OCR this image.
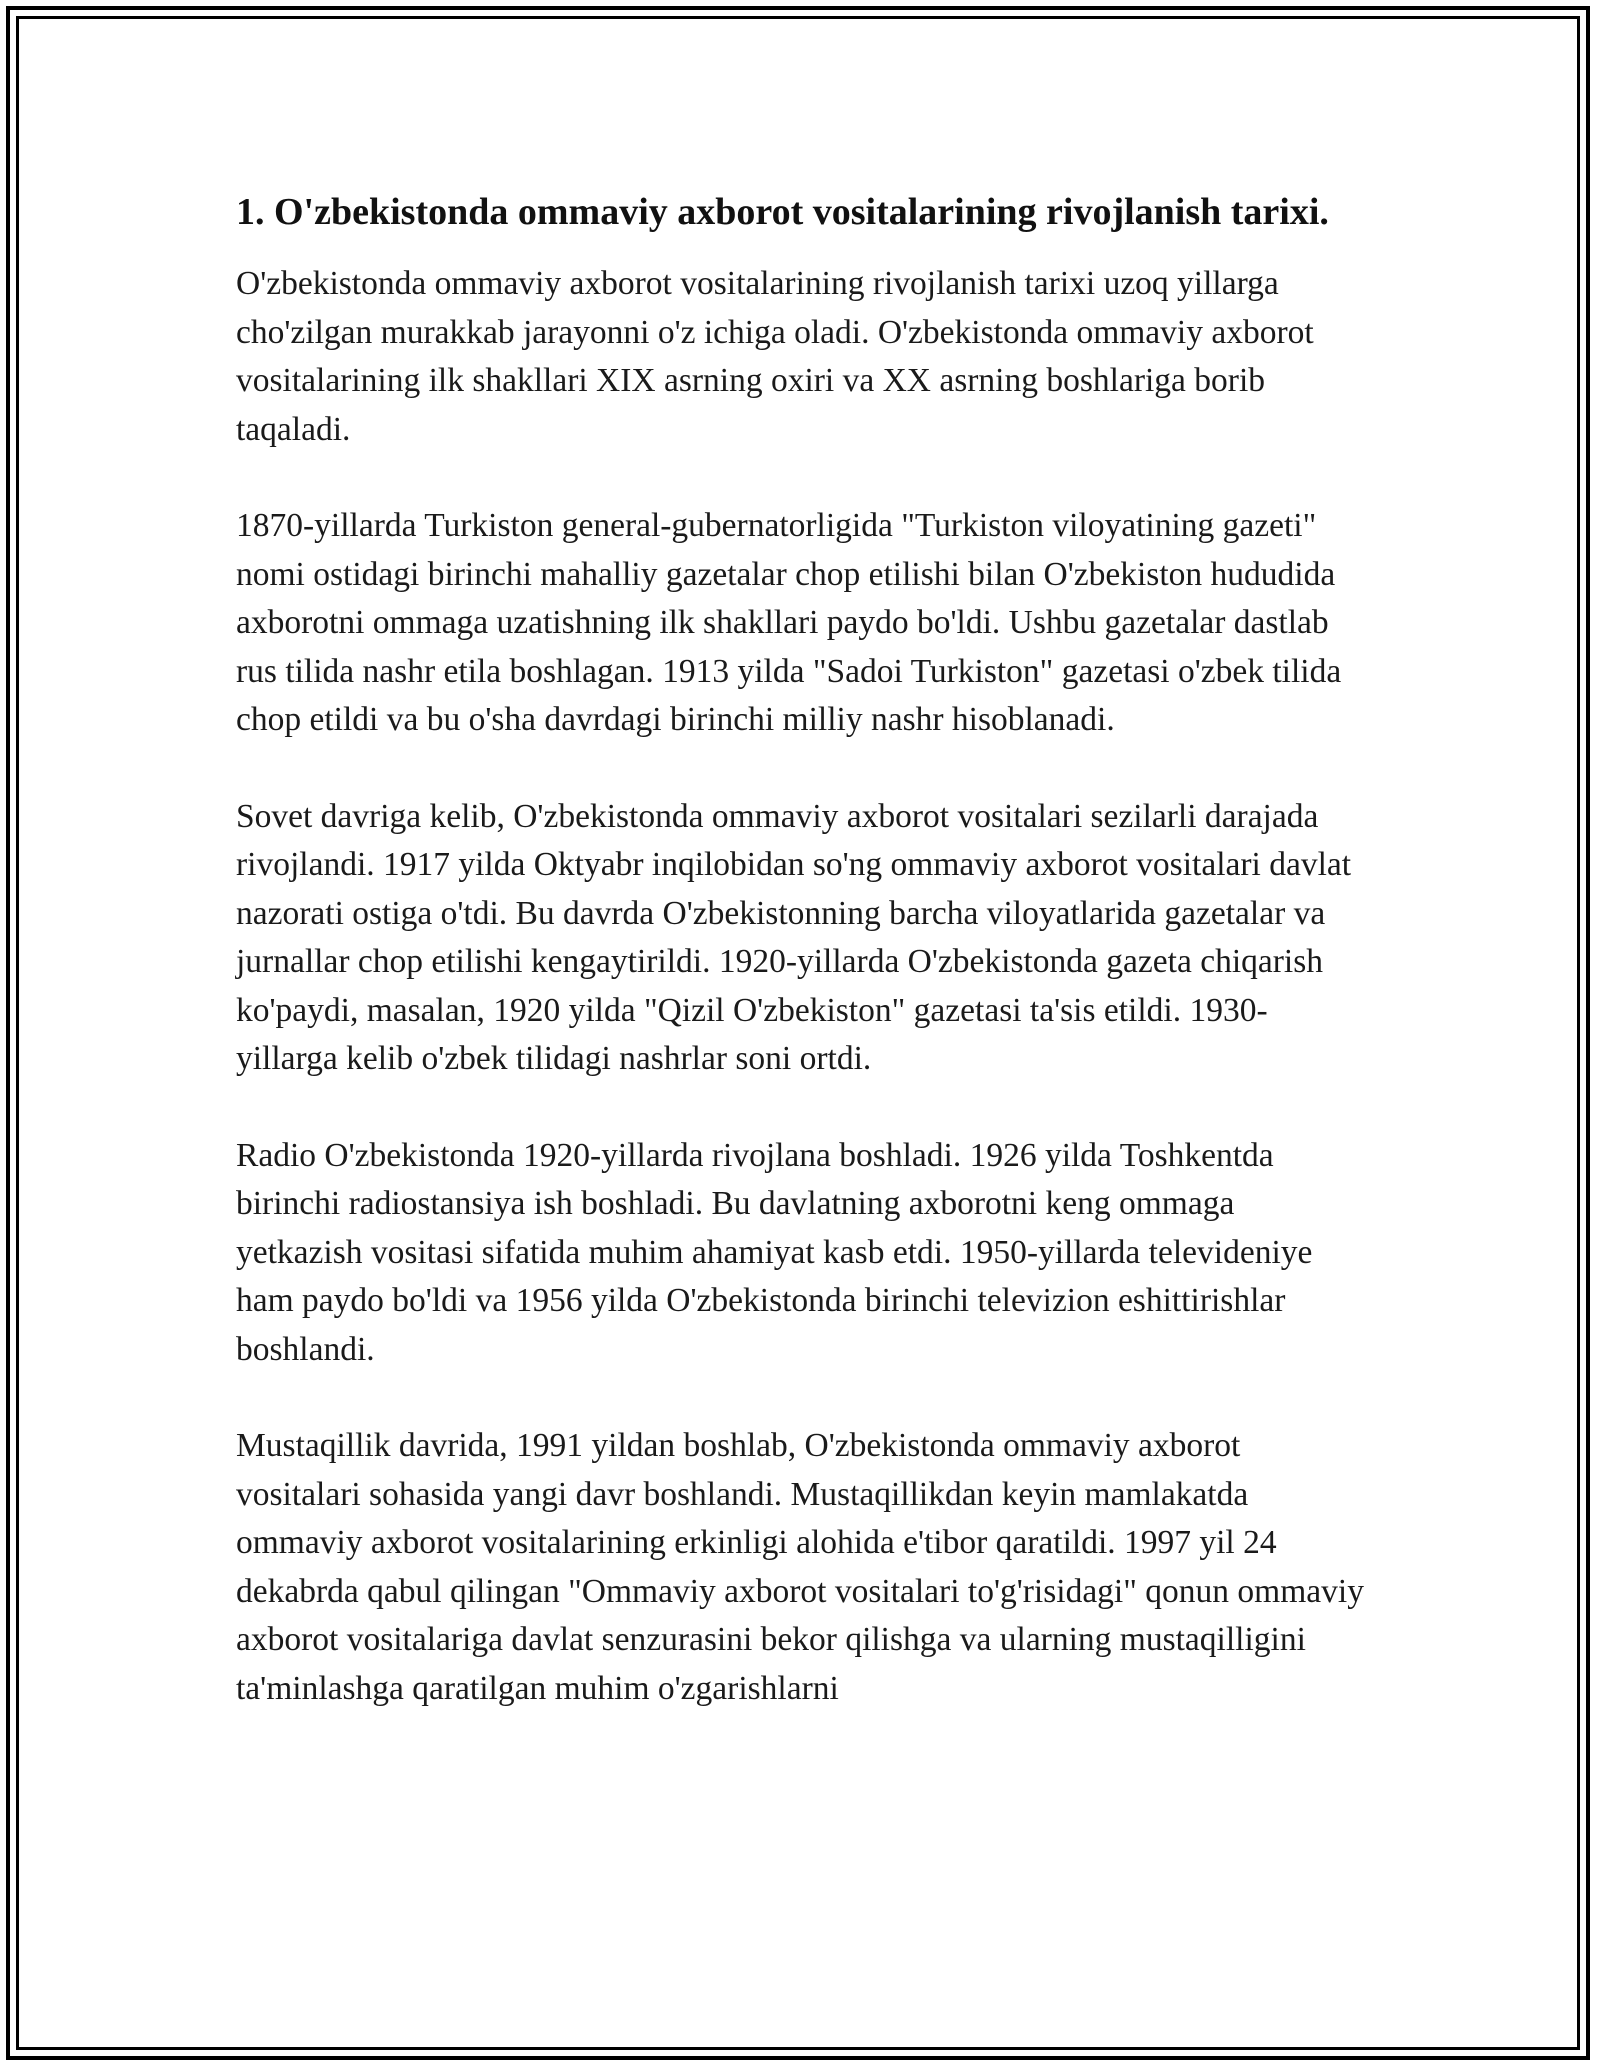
1. O'zbekistonda ommaviy axborot vositalarining rivojlanish tarixi.

O'zbekistonda ommaviy axborot vositalarining rivojlanish tarixi uzoq yillarga cho'zilgan murakkab jarayonni o'z ichiga oladi. O'zbekistonda ommaviy axborot vositalarining ilk shakllari XIX asrning oxiri va XX asrning boshlariga borib taqaladi.

1870-yillarda Turkiston general-gubernatorligida "Turkiston viloyatining gazeti" nomi ostidagi birinchi mahalliy gazetalar chop etilishi bilan O'zbekiston hududida axborotni ommaga uzatishning ilk shakllari paydo bo'ldi. Ushbu gazetalar dastlab rus tilida nashr etila boshlagan. 1913 yilda "Sadoi Turkiston" gazetasi o'zbek tilida chop etildi va bu o'sha davrdagi birinchi milliy nashr hisoblanadi.

Sovet davriga kelib, O'zbekistonda ommaviy axborot vositalari sezilarli darajada rivojlandi. 1917 yilda Oktyabr inqilobidan so'ng ommaviy axborot vositalari davlat nazorati ostiga o'tdi. Bu davrda O'zbekistonning barcha viloyatlarida gazetalar va jurnallar chop etilishi kengaytirildi. 1920-yillarda O'zbekistonda gazeta chiqarish ko'paydi, masalan, 1920 yilda "Qizil O'zbekiston" gazetasi ta'sis etildi. 1930-yillarga kelib o'zbek tilidagi nashrlar soni ortdi.

Radio O'zbekistonda 1920-yillarda rivojlana boshladi. 1926 yilda Toshkentda birinchi radiostansiya ish boshladi. Bu davlatning axborotni keng ommaga yetkazish vositasi sifatida muhim ahamiyat kasb etdi. 1950-yillarda televideniye ham paydo bo'ldi va 1956 yilda O'zbekistonda birinchi televizion eshittirishlar boshlandi.

Mustaqillik davrida, 1991 yildan boshlab, O'zbekistonda ommaviy axborot vositalari sohasida yangi davr boshlandi. Mustaqillikdan keyin mamlakatda ommaviy axborot vositalarining erkinligi alohida e'tibor qaratildi. 1997 yil 24 dekabrda qabul qilingan "Ommaviy axborot vositalari to'g'risidagi" qonun ommaviy axborot vositalariga davlat senzurasini bekor qilishga va ularning mustaqilligini ta'minlashga qaratilgan muhim o'zgarishlarni
